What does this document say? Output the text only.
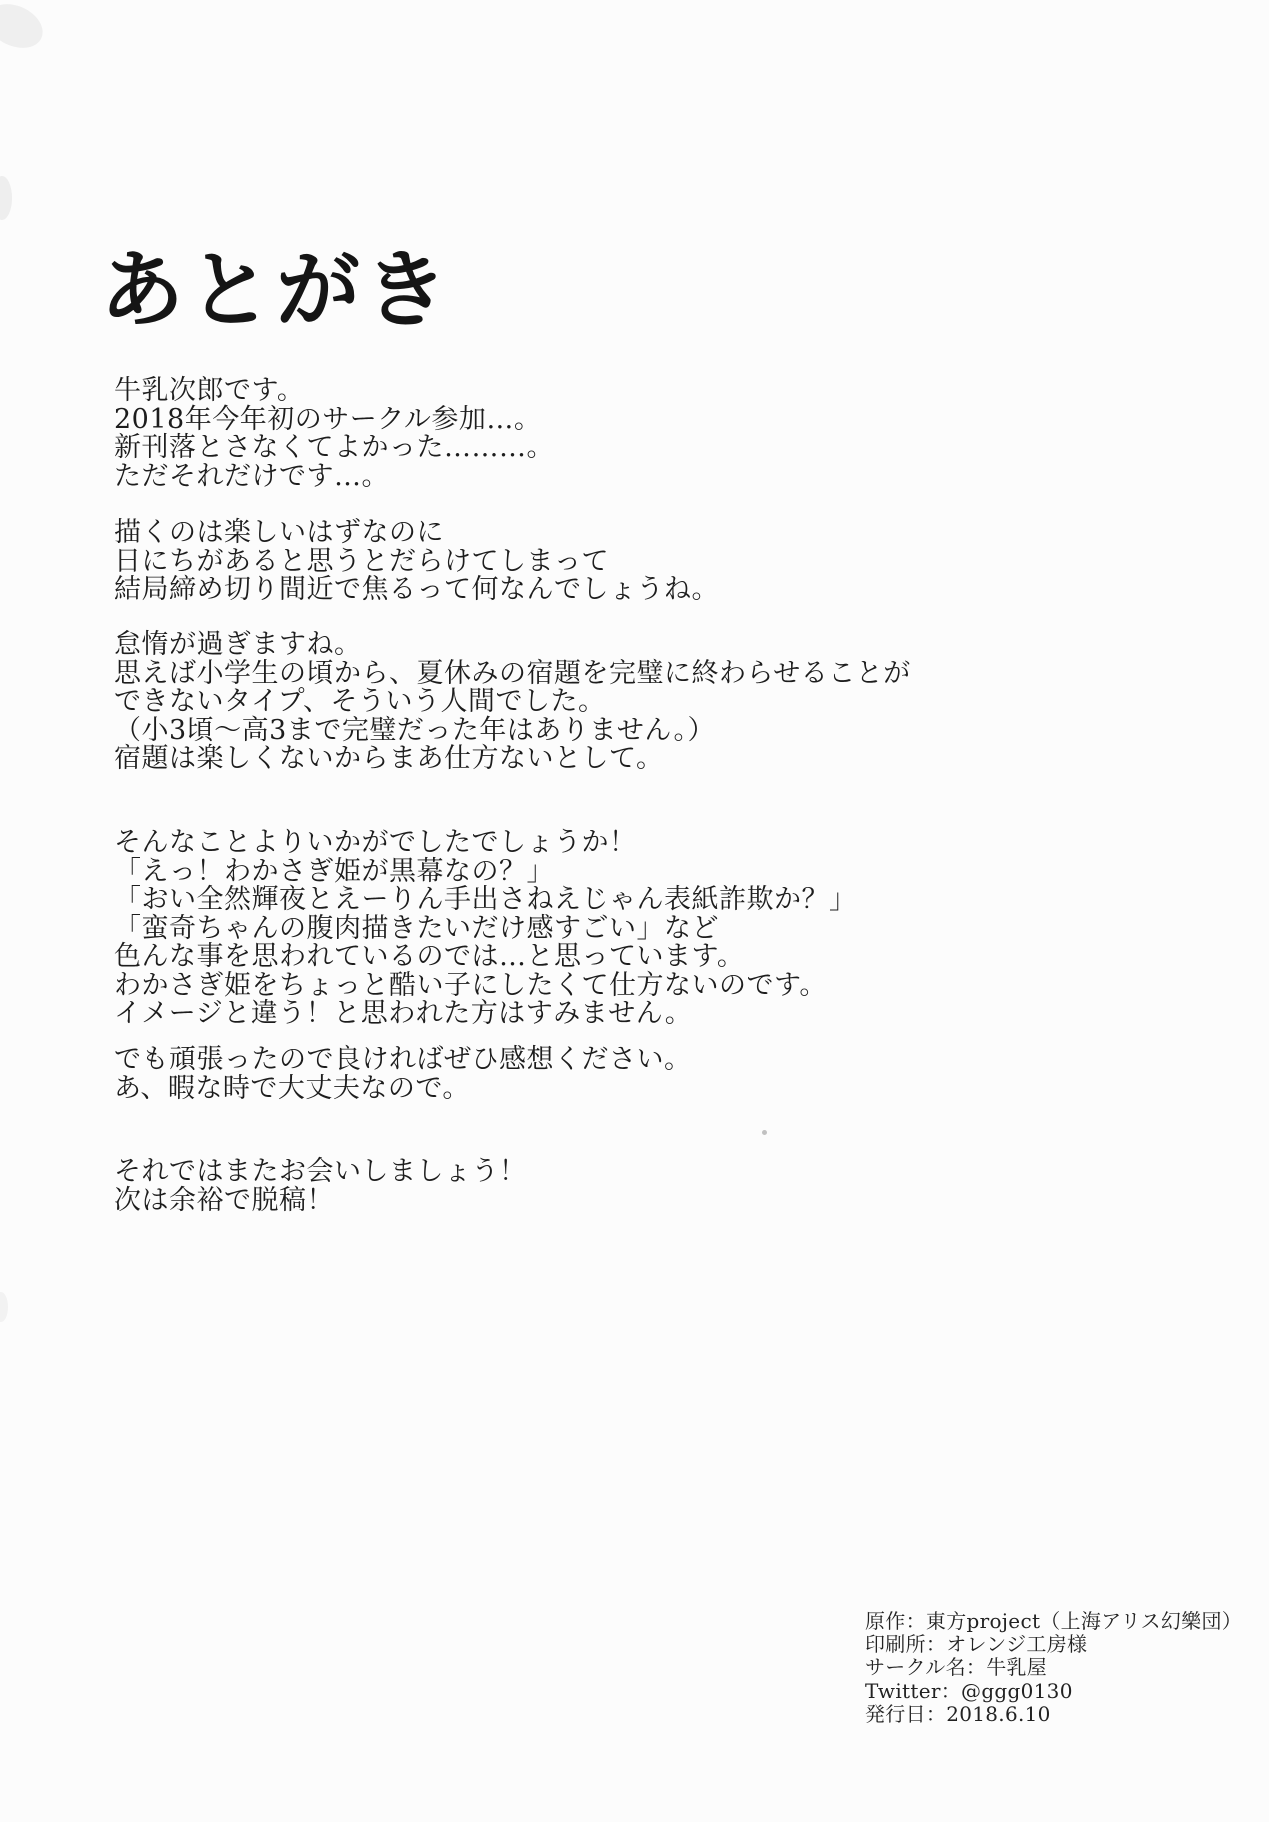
あとがき
牛乳次郎です。
2018年今年初のサークル参加…。
新刊落とさなくてよかった………。
ただそれだけです…。
描くのは楽しいはずなのに
日にちがあると思うとだらけてしまって
結局締め切り間近で焦るって何なんでしょうね。
怠惰が過ぎますね。
思えば小学生の頃から、夏休みの宿題を完璧に終わらせることが
できないタイプ、そういう人間でした。
（小3頃～高3まで完璧だった年はありません。）
宿題は楽しくないからまあ仕方ないとして。
そんなことよりいかがでしたでしょうか！
「えっ！わかさぎ姫が黒幕なの？」
「おい全然輝夜とえーりん手出さねえじゃん表紙詐欺か？」
「蛮奇ちゃんの腹肉描きたいだけ感すごい」など
色んな事を思われているのでは…と思っています。
わかさぎ姫をちょっと酷い子にしたくて仕方ないのです。
イメージと違う！と思われた方はすみません。
でも頑張ったので良ければぜひ感想ください。
あ、暇な時で大丈夫なので。
それではまたお会いしましょう！
次は余裕で脱稿！
原作：東方project（上海アリス幻樂団）
印刷所：オレンジ工房様
サークル名：牛乳屋
Twitter：@ggg0130
発行日：2018.6.10
